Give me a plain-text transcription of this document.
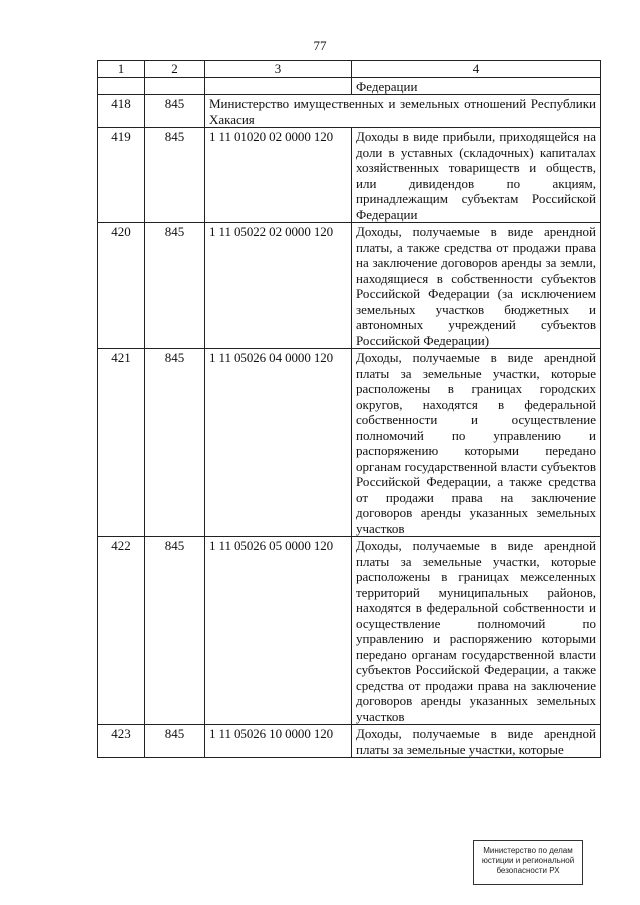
77
1	2	3	4
			Федерации
418	845	Министерство имущественных и земельных отношений Республики Хакасия	
419	845	1 11 01020 02 0000 120	Доходы в виде прибыли, приходящейся на доли в уставных (складочных) капиталах хозяйственных товариществ и обществ, или дивидендов по акциям, принадлежащим субъектам Российской Федерации
420	845	1 11 05022 02 0000 120	Доходы, получаемые в виде арендной платы, а также средства от продажи права на заключение договоров аренды за земли, находящиеся в собственности субъектов Российской Федерации (за исключением земельных участков бюджетных и автономных учреждений субъектов Российской Федерации)
421	845	1 11 05026 04 0000 120	Доходы, получаемые в виде арендной платы за земельные участки, которые расположены в границах городских округов, находятся в федеральной собственности и осуществление полномочий по управлению и распоряжению которыми передано органам государственной власти субъектов Российской Федерации, а также средства от продажи права на заключение договоров аренды указанных земельных участков
422	845	1 11 05026 05 0000 120	Доходы, получаемые в виде арендной платы за земельные участки, которые расположены в границах межселенных территорий муниципальных районов, находятся в федеральной собственности и осуществление полномочий по управлению и распоряжению которыми передано органам государственной власти субъектов Российской Федерации, а также средства от продажи права на заключение договоров аренды указанных земельных участков
423	845	1 11 05026 10 0000 120	Доходы, получаемые в виде арендной платы за земельные участки, которые
Министерство по делам
юстиции и региональной
безопасности РХ
